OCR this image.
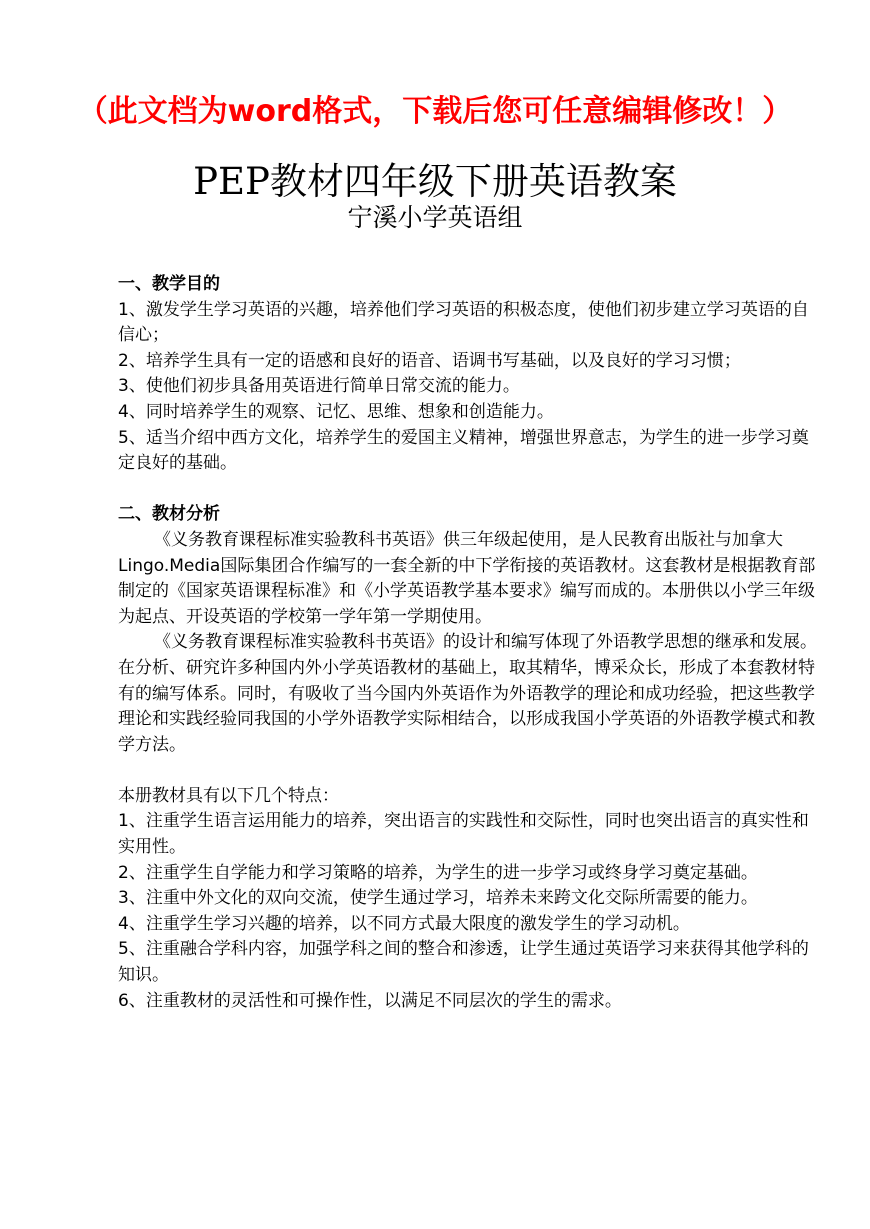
（此文档为word格式，下载后您可任意编辑修改！）
PEP教材四年级下册英语教案
宁溪小学英语组

一、教学目的

1、激发学生学习英语的兴趣，培养他们学习英语的积极态度，使他们初步建立学习英语的自信心；

2、培养学生具有一定的语感和良好的语音、语调书写基础，以及良好的学习习惯；

3、使他们初步具备用英语进行简单日常交流的能力。

4、同时培养学生的观察、记忆、思维、想象和创造能力。

5、适当介绍中西方文化，培养学生的爱国主义精神，增强世界意志，为学生的进一步学习奠定良好的基础。

二、教材分析

《义务教育课程标准实验教科书英语》供三年级起使用，是人民教育出版社与加拿大Lingo.Media国际集团合作编写的一套全新的中下学衔接的英语教材。这套教材是根据教育部制定的《国家英语课程标准》和《小学英语教学基本要求》编写而成的。本册供以小学三年级为起点、开设英语的学校第一学年第一学期使用。

《义务教育课程标准实验教科书英语》的设计和编写体现了外语教学思想的继承和发展。在分析、研究许多种国内外小学英语教材的基础上，取其精华，博采众长，形成了本套教材特有的编写体系。同时，有吸收了当今国内外英语作为外语教学的理论和成功经验，把这些教学理论和实践经验同我国的小学外语教学实际相结合，以形成我国小学英语的外语教学模式和教学方法。

本册教材具有以下几个特点：

1、注重学生语言运用能力的培养，突出语言的实践性和交际性，同时也突出语言的真实性和实用性。

2、注重学生自学能力和学习策略的培养，为学生的进一步学习或终身学习奠定基础。

3、注重中外文化的双向交流，使学生通过学习，培养未来跨文化交际所需要的能力。

4、注重学生学习兴趣的培养，以不同方式最大限度的激发学生的学习动机。

5、注重融合学科内容，加强学科之间的整合和渗透，让学生通过英语学习来获得其他学科的知识。

6、注重教材的灵活性和可操作性，以满足不同层次的学生的需求。
